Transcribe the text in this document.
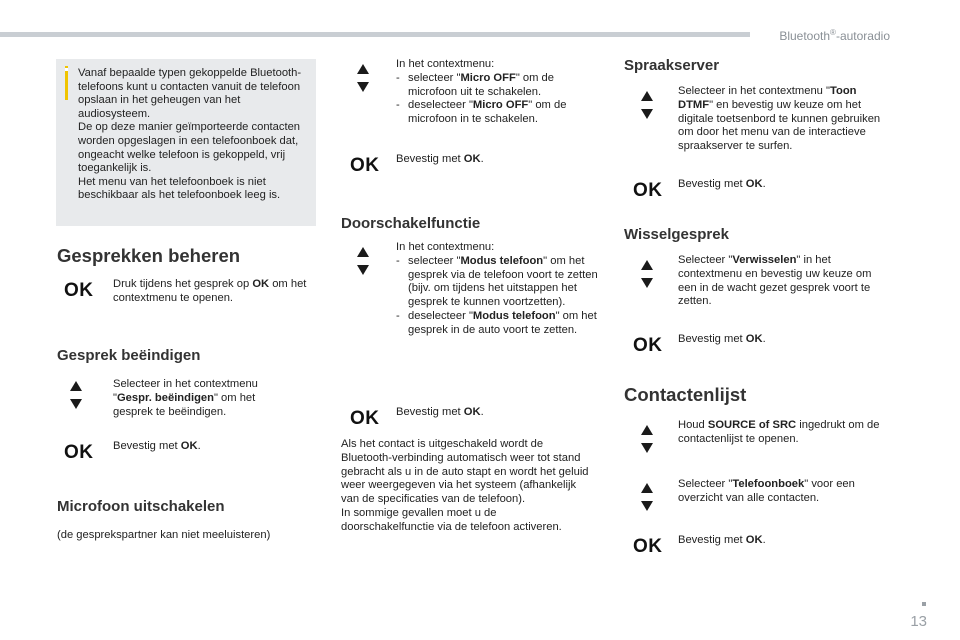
Bluetooth®-autoradio

Vanaf bepaalde typen gekoppelde Bluetooth-telefoons kunt u contacten vanuit de telefoon opslaan in het geheugen van het audiosysteem.

De op deze manier geïmporteerde contacten worden opgeslagen in een telefoonboek dat, ongeacht welke telefoon is gekoppeld, vrij toegankelijk is.

Het menu van het telefoonboek is niet beschikbaar als het telefoonboek leeg is.

Gesprekken beheren
OK Druk tijdens het gesprek op OK om het contextmenu te openen.
Gesprek beëindigen
Selecteer in het contextmenu "Gespr. beëindigen" om het gesprek te beëindigen.
OK Bevestig met OK.
Microfoon uitschakelen
(de gesprekspartner kan niet meeluisteren)
In het contextmenu:
- selecteer "Micro OFF" om de microfoon uit te schakelen.
- deselecteer "Micro OFF" om de microfoon in te schakelen.
OK Bevestig met OK.
Doorschakelfunctie
In het contextmenu:
- selecteer "Modus telefoon" om het gesprek via de telefoon voort te zetten (bijv. om tijdens het uitstappen het gesprek te kunnen voortzetten).
- deselecteer "Modus telefoon" om het gesprek in de auto voort te zetten.
OK Bevestig met OK.
Als het contact is uitgeschakeld wordt de Bluetooth-verbinding automatisch weer tot stand gebracht als u in de auto stapt en wordt het geluid weer weergegeven via het systeem (afhankelijk van de specificaties van de telefoon).
In sommige gevallen moet u de doorschakelfunctie via de telefoon activeren.
Spraakserver
Selecteer in het contextmenu "Toon DTMF" en bevestig uw keuze om het digitale toetsenbord te kunnen gebruiken om door het menu van de interactieve spraakserver te surfen.
OK Bevestig met OK.
Wisselgesprek
Selecteer "Verwisselen" in het contextmenu en bevestig uw keuze om een in de wacht gezet gesprek voort te zetten.
OK Bevestig met OK.
Contactenlijst
Houd SOURCE of SRC ingedrukt om de contactenlijst te openen.
Selecteer "Telefoonboek" voor een overzicht van alle contacten.
OK Bevestig met OK.
13
